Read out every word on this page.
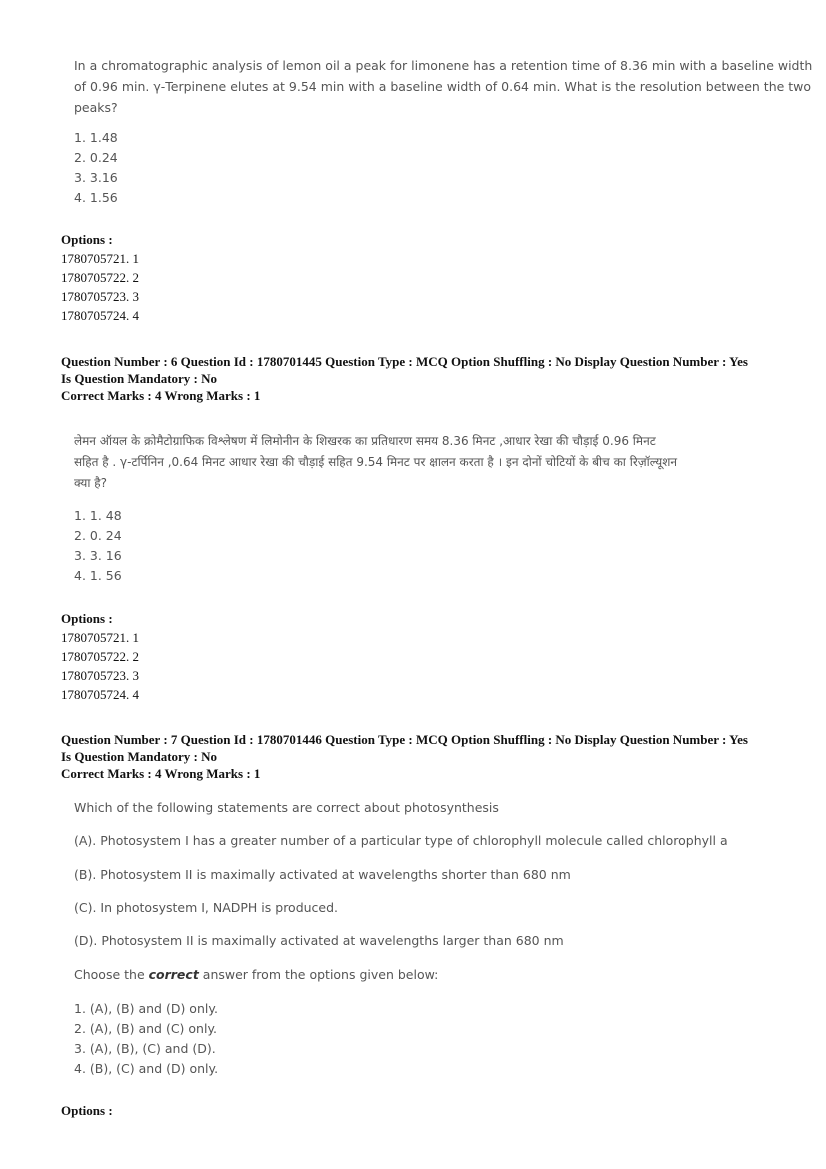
In a chromatographic analysis of lemon oil a peak for limonene has a retention time of 8.36 min with a baseline width
of 0.96 min. γ-Terpinene elutes at 9.54 min with a baseline width of 0.64 min. What is the resolution between the two
peaks?
1. 1.48
2. 0.24
3. 3.16
4. 1.56
Options :
1780705721. 1
1780705722. 2
1780705723. 3
1780705724. 4
Question Number : 6 Question Id : 1780701445 Question Type : MCQ Option Shuffling : No Display Question Number : Yes
Is Question Mandatory : No
Correct Marks : 4 Wrong Marks : 1
लेमन ऑयल के क्रोमैटोग्राफिक विश्लेषण में लिमोनीन के शिखरक का प्रतिधारण समय 8.36 मिनट ,आधार रेखा की चौड़ाई 0.96 मिनट
सहित है . γ-टर्पिनिन ,0.64 मिनट आधार रेखा की चौड़ाई सहित 9.54 मिनट पर क्षालन करता है । इन दोनों चोटियों के बीच का रिज़ॉल्यूशन
क्या है?
1. 1. 48
2. 0. 24
3. 3. 16
4. 1. 56
Options :
1780705721. 1
1780705722. 2
1780705723. 3
1780705724. 4
Question Number : 7 Question Id : 1780701446 Question Type : MCQ Option Shuffling : No Display Question Number : Yes
Is Question Mandatory : No
Correct Marks : 4 Wrong Marks : 1
Which of the following statements are correct about photosynthesis
(A). Photosystem I has a greater number of a particular type of chlorophyll molecule called chlorophyll a
(B). Photosystem II is maximally activated at wavelengths shorter than 680 nm
(C). In photosystem I, NADPH is produced.
(D). Photosystem II is maximally activated at wavelengths larger than 680 nm
Choose the correct answer from the options given below:
1. (A), (B) and (D) only.
2. (A), (B) and (C) only.
3. (A), (B), (C) and (D).
4. (B), (C) and (D) only.
Options :
